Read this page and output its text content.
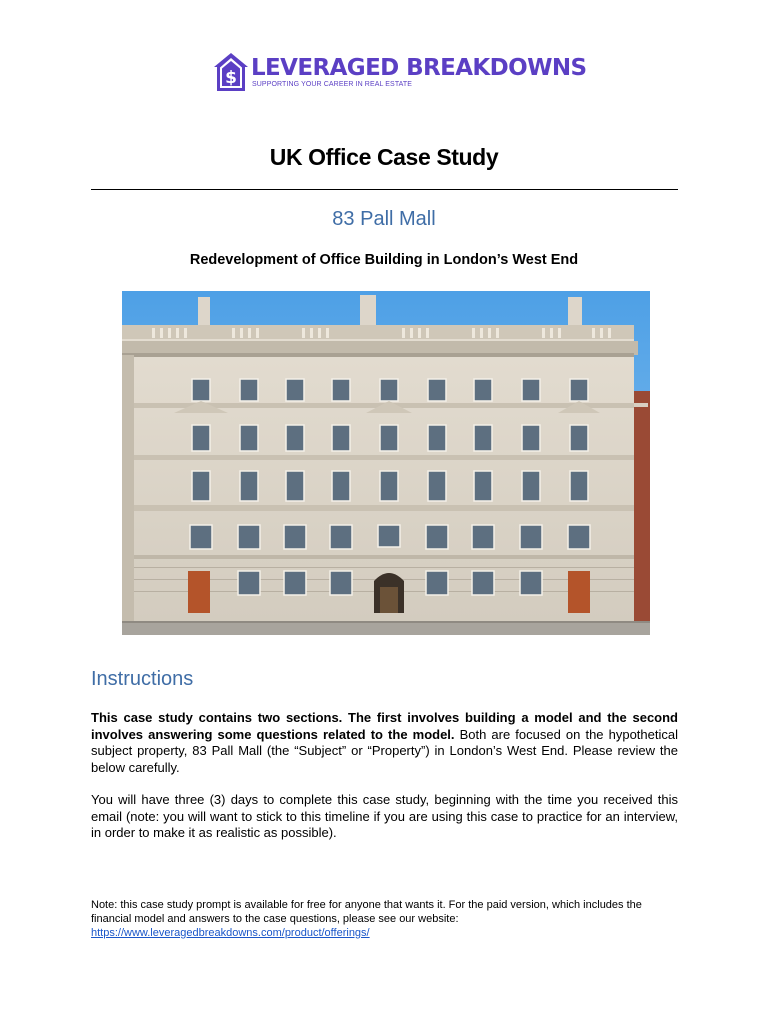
$ LEVERAGED BREAKDOWNS
SUPPORTING YOUR CAREER IN REAL ESTATE
UK Office Case Study
83 Pall Mall
Redevelopment of Office Building in London’s West End
Instructions
This case study contains two sections. The first involves building a model and the second involves answering some questions related to the model. Both are focused on the hypothetical subject property, 83 Pall Mall (the “Subject” or “Property”) in London’s West End. Please review the below carefully.
You will have three (3) days to complete this case study, beginning with the time you received this email (note: you will want to stick to this timeline if you are using this case to practice for an interview, in order to make it as realistic as possible).
Note: this case study prompt is available for free for anyone that wants it. For the paid version, which includes the financial model and answers to the case questions, please see our website:
https://www.leveragedbreakdowns.com/product/offerings/
